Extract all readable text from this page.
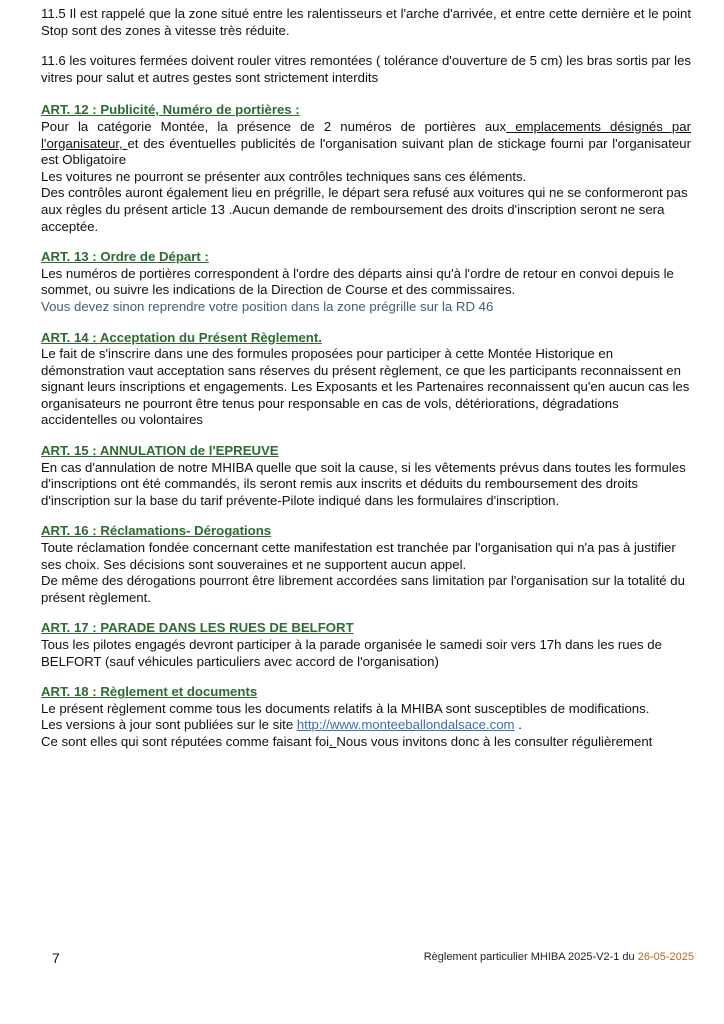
11.5 Il est rappelé que la zone situé entre les ralentisseurs et l'arche d'arrivée, et entre cette dernière et le point Stop sont des zones à vitesse très réduite.

11.6 les voitures fermées doivent rouler vitres remontées ( tolérance d'ouverture de 5 cm) les bras sortis par les vitres pour salut et autres gestes sont strictement interdits

ART. 12 : Publicité, Numéro de portières :

Pour la catégorie Montée, la présence de 2 numéros de portières aux emplacements désignés par l'organisateur, et des éventuelles publicités de l'organisation suivant plan de stickage fourni par l'organisateur est Obligatoire

Les voitures ne pourront se présenter aux contrôles techniques sans ces éléments.

Des contrôles auront également lieu en prégrille, le départ sera refusé aux voitures qui ne se conformeront pas aux règles du présent article 13 .Aucun demande de remboursement des droits d'inscription seront ne sera acceptée.

ART. 13 : Ordre de Départ :

Les numéros de portières correspondent à l'ordre des départs ainsi qu'à l'ordre de retour en convoi depuis le sommet, ou suivre les indications de la Direction de Course et des commissaires.

Vous devez sinon reprendre votre position dans la zone prégrille sur la RD 46

ART. 14 : Acceptation du Présent Règlement.

Le fait de s'inscrire dans une des formules proposées pour participer à cette Montée Historique en démonstration vaut acceptation sans réserves du présent règlement, ce que les participants reconnaissent en signant leurs inscriptions et engagements. Les Exposants et les Partenaires reconnaissent qu'en aucun cas les organisateurs ne pourront être tenus pour responsable en cas de vols, détériorations, dégradations accidentelles ou volontaires

ART. 15 : ANNULATION de l'EPREUVE

En cas d'annulation de notre MHIBA quelle que soit la cause, si les vêtements prévus dans toutes les formules d'inscriptions ont été commandés, ils seront remis aux inscrits et déduits du remboursement des droits d'inscription sur la base du tarif prévente-Pilote indiqué dans les formulaires d'inscription.

ART. 16 : Réclamations- Dérogations

Toute réclamation fondée concernant cette manifestation est tranchée par l'organisation qui n'a pas à justifier ses choix. Ses décisions sont souveraines et ne supportent aucun appel.

De même des dérogations pourront être librement accordées sans limitation par l'organisation sur la totalité du présent règlement.

ART. 17 : PARADE DANS LES RUES DE BELFORT

Tous les pilotes engagés devront participer à la parade organisée le samedi soir vers 17h dans les rues de BELFORT (sauf véhicules particuliers avec accord de l'organisation)

ART. 18 : Règlement et documents

Le présent règlement comme tous les documents relatifs à la MHIBA sont susceptibles de modifications.

Les versions à jour sont publiées sur le site http://www.monteeballondalsace.com .

Ce sont elles qui sont réputées comme faisant foi. Nous vous invitons donc à les consulter régulièrement

7	Règlement particulier MHIBA 2025-V2-1 du 26-05-2025
